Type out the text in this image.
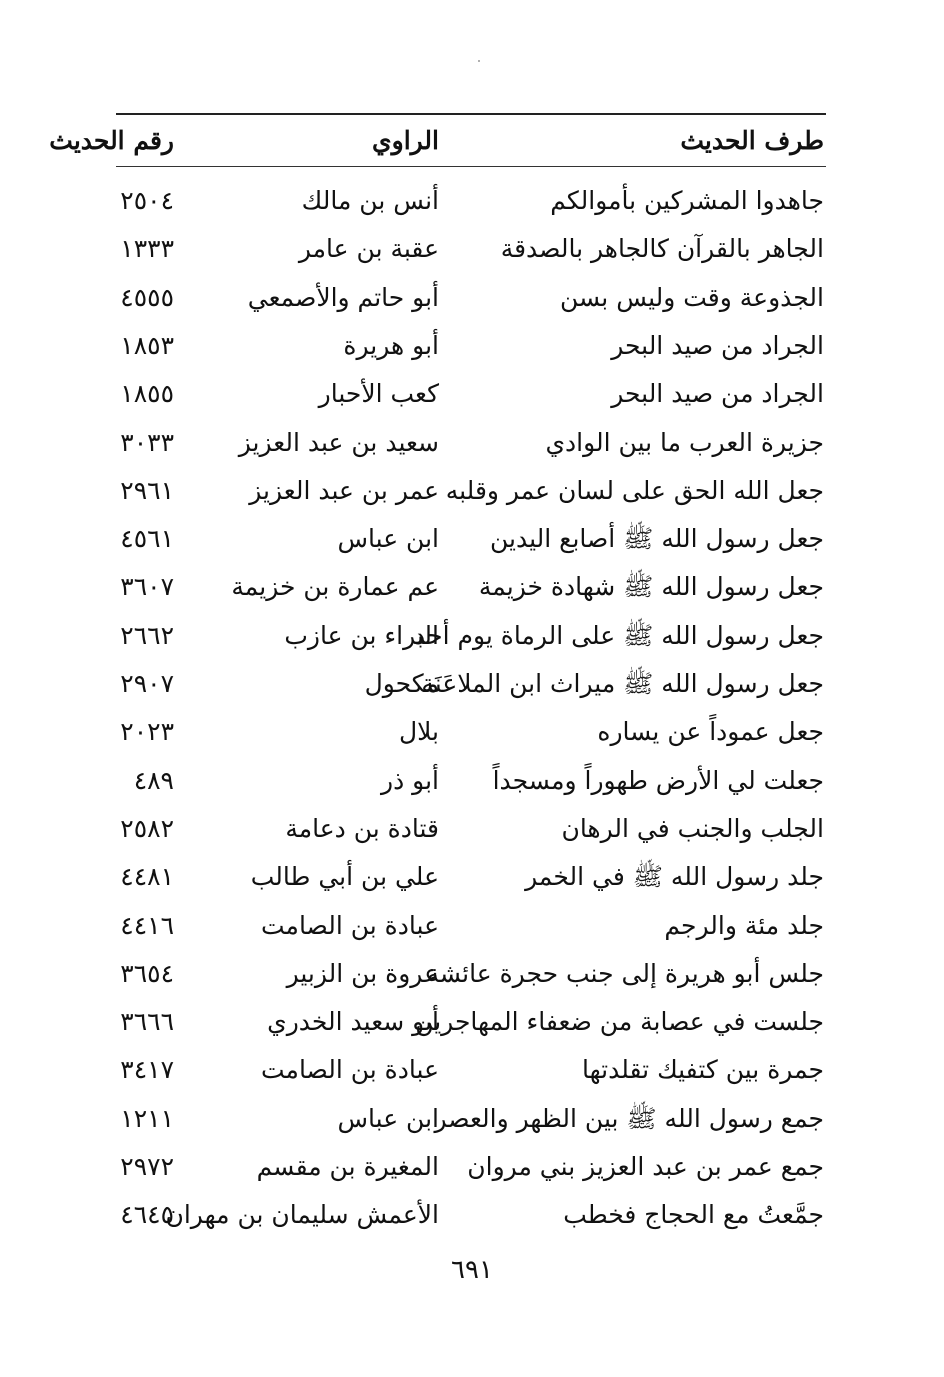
طرف الحديث
الراوي
رقم الحديث
جاهدوا المشركين بأموالكم
أنس بن مالك
٢٥٠٤
الجاهر بالقرآن كالجاهر بالصدقة
عقبة بن عامر
١٣٣٣
الجذوعة وقت وليس بسن
أبو حاتم والأصمعي
٤٥٥٥
الجراد من صيد البحر
أبو هريرة
١٨٥٣
الجراد من صيد البحر
كعب الأحبار
١٨٥٥
جزيرة العرب ما بين الوادي
سعيد بن عبد العزيز
٣٠٣٣
جعل الله الحق على لسان عمر وقلبه
عمر بن عبد العزيز
٢٩٦١
جعل رسول الله ﷺ أصابع اليدين
ابن عباس
٤٥٦١
جعل رسول الله ﷺ شهادة خزيمة
عم عمارة بن خزيمة
٣٦٠٧
جعل رسول الله ﷺ على الرماة يوم أحد
البراء بن عازب
٢٦٦٢
جعل رسول الله ﷺ ميراث ابن الملاعَنَة
مكحول
٢٩٠٧
جعل عموداً عن يساره
بلال
٢٠٢٣
جعلت لي الأرض طهوراً ومسجداً
أبو ذر
٤٨٩
الجلب والجنب في الرهان
قتادة بن دعامة
٢٥٨٢
جلد رسول الله ﷺ في الخمر
علي بن أبي طالب
٤٤٨١
جلد مئة والرجم
عبادة بن الصامت
٤٤١٦
جلس أبو هريرة إلى جنب حجرة عائشة
عروة بن الزبير
٣٦٥٤
جلست في عصابة من ضعفاء المهاجرين
أبو سعيد الخدري
٣٦٦٦
جمرة بين كتفيك تقلدتها
عبادة بن الصامت
٣٤١٧
جمع رسول الله ﷺ بين الظهر والعصر
ابن عباس
١٢١١
جمع عمر بن عبد العزيز بني مروان
المغيرة بن مقسم
٢٩٧٢
جمَّعتُ مع الحجاج فخطب
الأعمش سليمان بن مهران
٤٦٤٥
٦٩١
